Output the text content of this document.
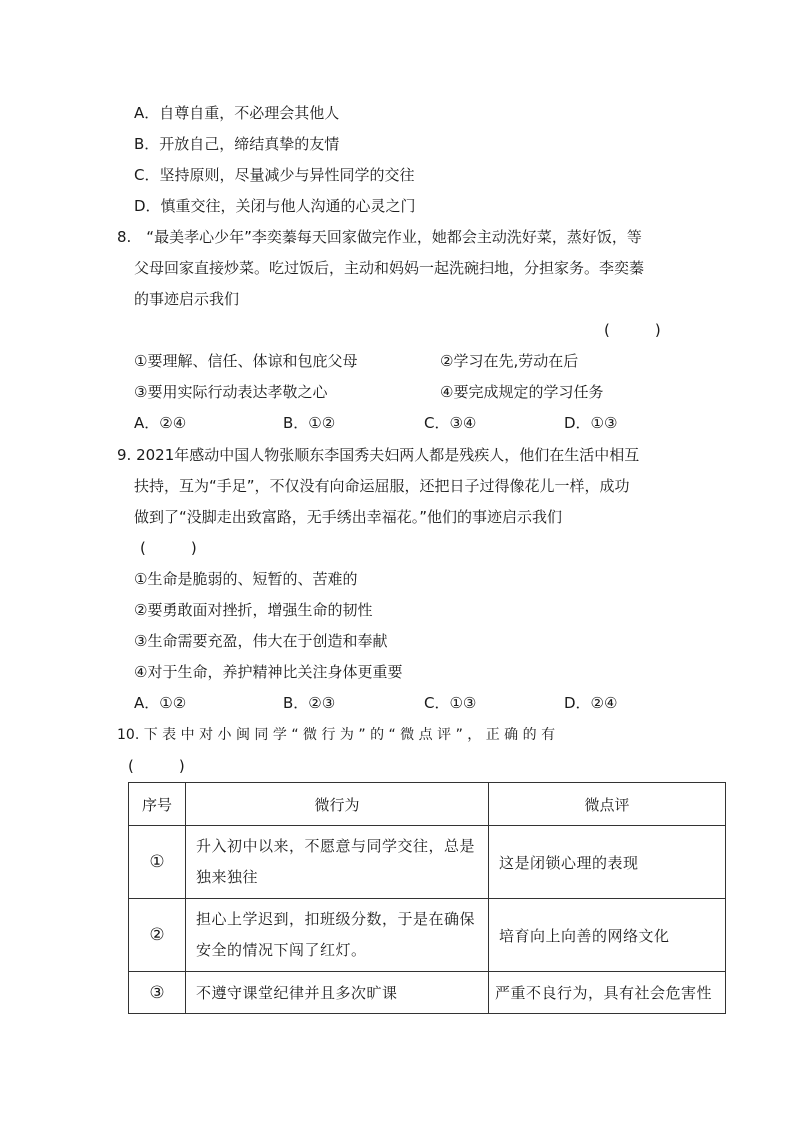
A．自尊自重，不必理会其他人
B．开放自己，缔结真挚的友情
C．坚持原则，尽量减少与异性同学的交往
D．慎重交往，关闭与他人沟通的心灵之门
8.　“最美孝心少年”李奕蓁每天回家做完作业，她都会主动洗好菜，蒸好饭，等
父母回家直接炒菜。吃过饭后，主动和妈妈一起洗碗扫地，分担家务。李奕蓁
的事迹启示我们
(　　　)
①要理解、信任、体谅和包庇父母	②学习在先,劳动在后
③要用实际行动表达孝敬之心	④要完成规定的学习任务
A．②④	B．①②	C．③④	D．①③
9. 2021年感动中国人物张顺东李国秀夫妇两人都是残疾人，他们在生活中相互
扶持，互为“手足”，不仅没有向命运屈服，还把日子过得像花儿一样，成功
做到了“没脚走出致富路，无手绣出幸福花。”他们的事迹启示我们
(　　　)
①生命是脆弱的、短暂的、苦难的
②要勇敢面对挫折，增强生命的韧性
③生命需要充盈，伟大在于创造和奉献
④对于生命，养护精神比关注身体更重要
A．①②	B．②③	C．①③	D．②④
10. 下 表 中 对 小 闽 同 学 “ 微 行 为 ” 的 “ 微 点 评 ” ， 正 确 的 有
(　　　)
序号	微行为	微点评
①	升入初中以来，不愿意与同学交往，总是
独来独往	这是闭锁心理的表现
②	担心上学迟到，扣班级分数，于是在确保
安全的情况下闯了红灯。	培育向上向善的网络文化
③	不遵守课堂纪律并且多次旷课	严重不良行为，具有社会危害性
